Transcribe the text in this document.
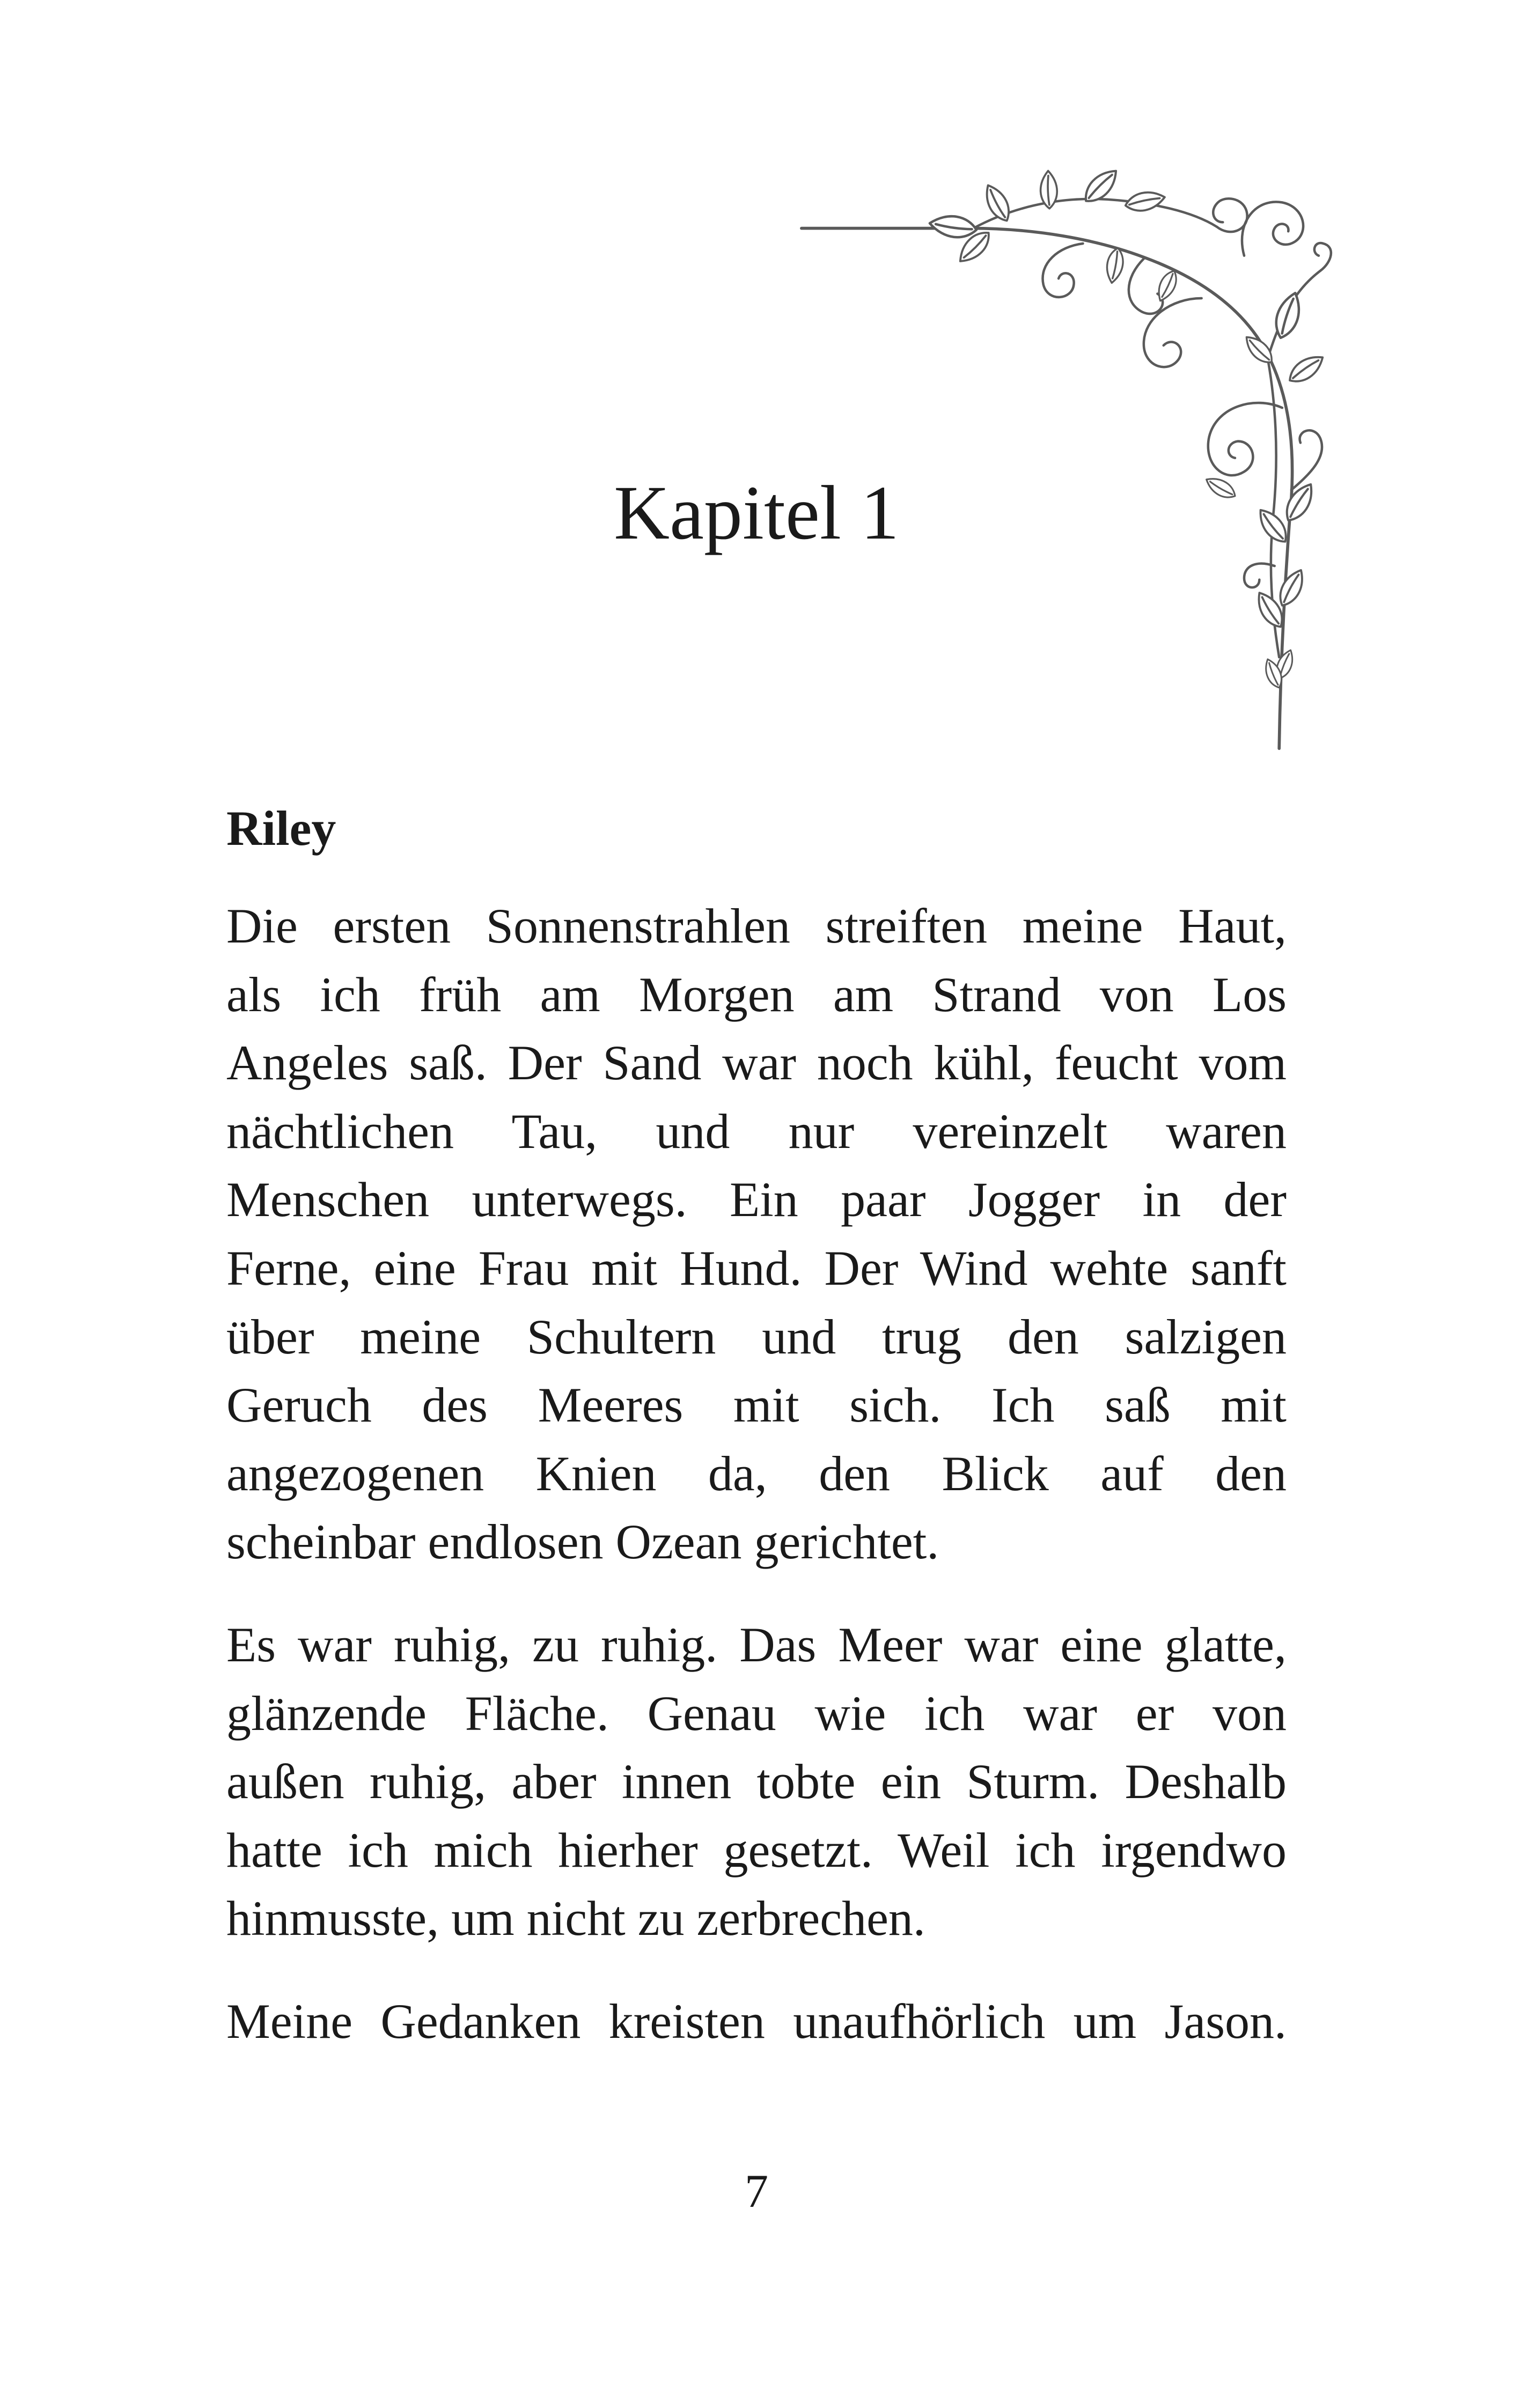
Kapitel 1
Riley
Die ersten Sonnenstrahlen streiften meine Haut,
als ich früh am Morgen am Strand von Los
Angeles saß. Der Sand war noch kühl, feucht vom
nächtlichen Tau, und nur vereinzelt waren
Menschen unterwegs. Ein paar Jogger in der
Ferne, eine Frau mit Hund. Der Wind wehte sanft
über meine Schultern und trug den salzigen
Geruch des Meeres mit sich. Ich saß mit
angezogenen Knien da, den Blick auf den
scheinbar endlosen Ozean gerichtet.
Es war ruhig, zu ruhig. Das Meer war eine glatte,
glänzende Fläche. Genau wie ich war er von
außen ruhig, aber innen tobte ein Sturm. Deshalb
hatte ich mich hierher gesetzt. Weil ich irgendwo
hinmusste, um nicht zu zerbrechen.
Meine Gedanken kreisten unaufhörlich um Jason.
7
